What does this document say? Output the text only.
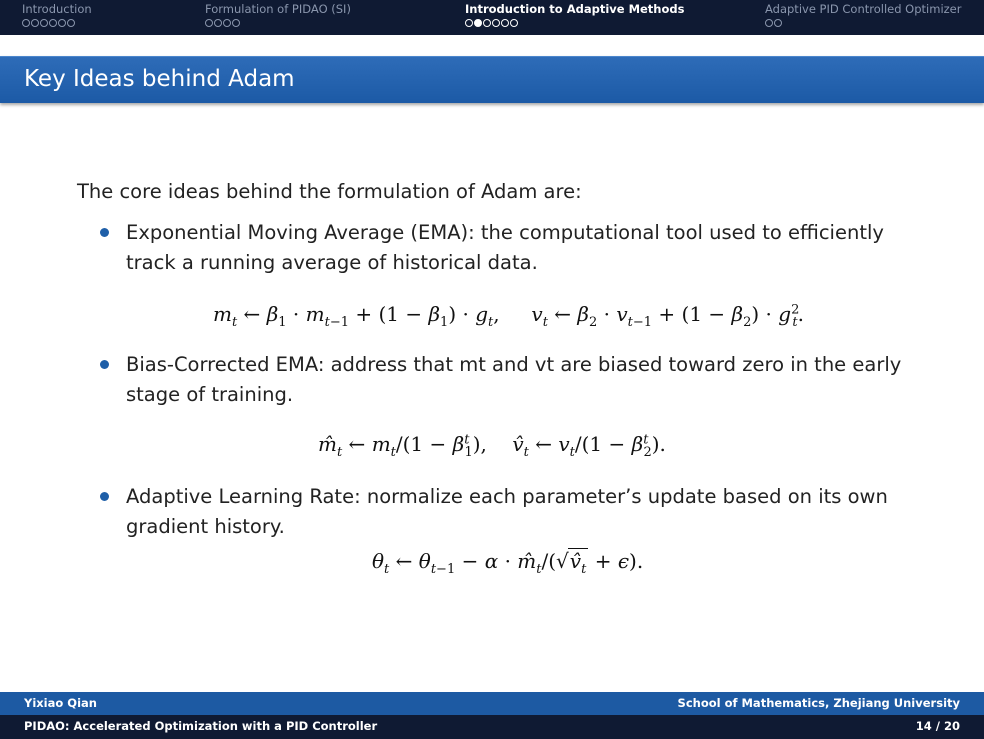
Introduction	Formulation of PIDAO (SI)	Introduction to Adaptive Methods	Adaptive PID Controlled Optimizer
Key Ideas behind Adam
The core ideas behind the formulation of Adam are:
Exponential Moving Average (EMA): the computational tool used to efficiently track a running average of historical data.
$m_t$ ← $\beta_1 \cdot m_{t-1} + (1 - \beta_1) \cdot g_t$,     $v_t$ ← $\beta_2 \cdot v_{t-1} + (1 - \beta_2) \cdot g^2_t$.
Bias-Corrected EMA: address that mt and vt are biased toward zero in the early stage of training.
$m̂_t$ ← $m_t/(1 - \beta^t_1)$,    $v̂_t$ ← $v_t/(1 - \beta^t_2)$.
Adaptive Learning Rate: normalize each parameter’s update based on its own gradient history.
$\theta_t$ ← $\theta_{t-1} - \alpha$ · $m̂_t/(√v̂_t + \epsilon)$.
Yixiao Qian	School of Mathematics, Zhejiang University
PIDAO: Accelerated Optimization with a PID Controller	14 / 20
